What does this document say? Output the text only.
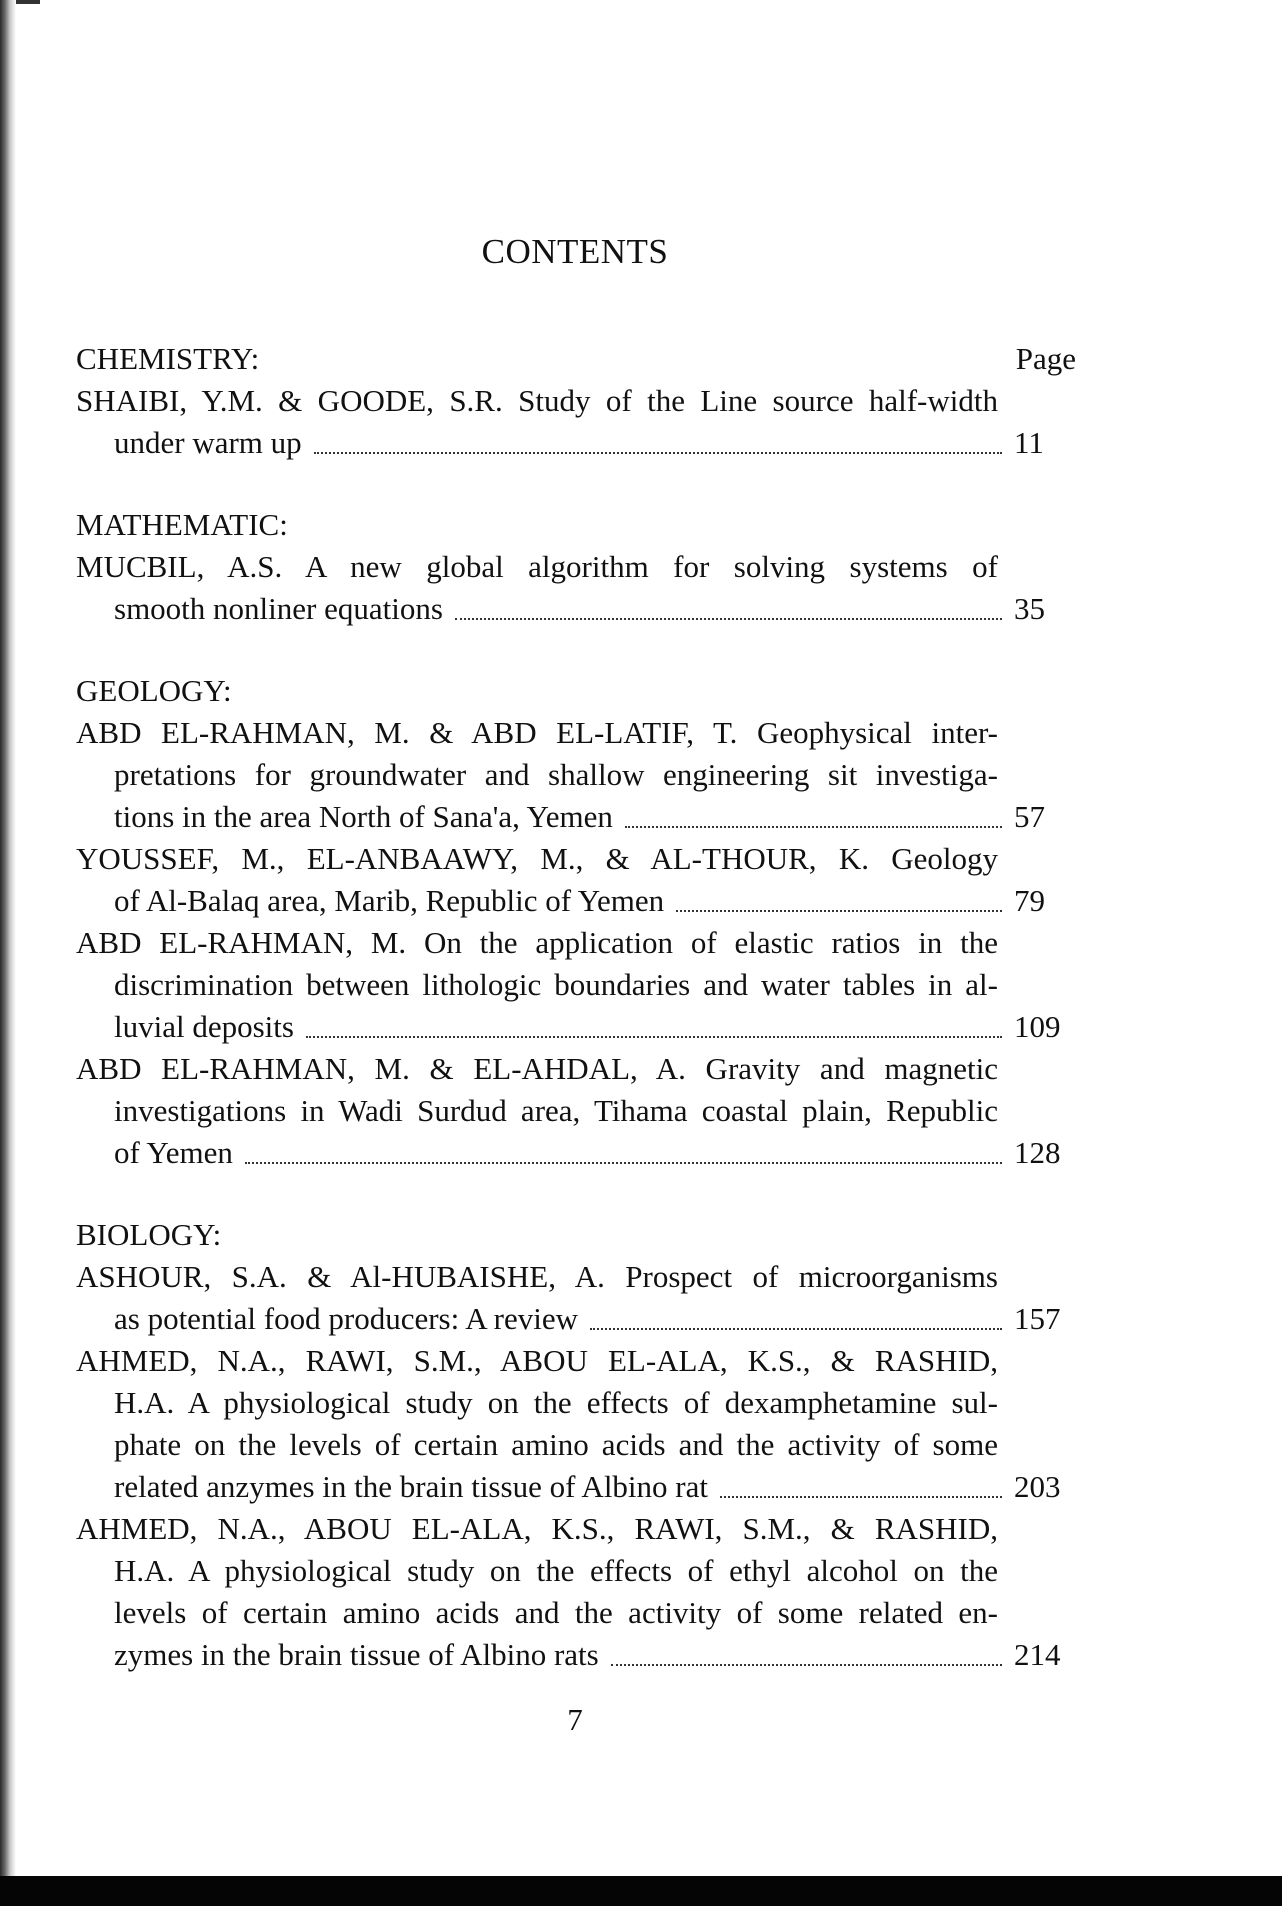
CONTENTS
CHEMISTRY:	Page
SHAIBI, Y.M. & GOODE, S.R. Study of the Line source half-width
under warm up	11
MATHEMATIC:
MUCBIL, A.S. A new global algorithm for solving systems of
smooth nonliner equations	35
GEOLOGY:
ABD EL-RAHMAN, M. & ABD EL-LATIF, T. Geophysical inter-
pretations for groundwater and shallow engineering sit investiga-
tions in the area North of Sana'a, Yemen	57
YOUSSEF, M., EL-ANBAAWY, M., & AL-THOUR, K. Geology
of Al-Balaq area, Marib, Republic of Yemen	79
ABD EL-RAHMAN, M. On the application of elastic ratios in the
discrimination between lithologic boundaries and water tables in al-
luvial deposits	109
ABD EL-RAHMAN, M. & EL-AHDAL, A. Gravity and magnetic
investigations in Wadi Surdud area, Tihama coastal plain, Republic
of Yemen	128
BIOLOGY:
ASHOUR, S.A. & Al-HUBAISHE, A. Prospect of microorganisms
as potential food producers: A review	157
AHMED, N.A., RAWI, S.M., ABOU EL-ALA, K.S., & RASHID,
H.A. A physiological study on the effects of dexamphetamine sul-
phate on the levels of certain amino acids and the activity of some
related anzymes in the brain tissue of Albino rat	203
AHMED, N.A., ABOU EL-ALA, K.S., RAWI, S.M., & RASHID,
H.A. A physiological study on the effects of ethyl alcohol on the
levels of certain amino acids and the activity of some related en-
zymes in the brain tissue of Albino rats	214
7
